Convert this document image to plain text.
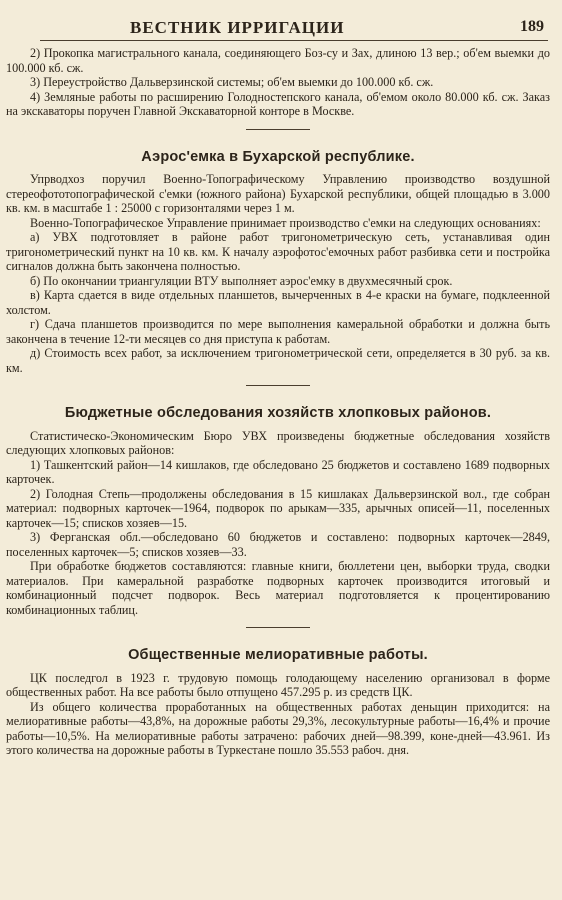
ВЕСТНИК ИРРИГАЦИИ	189

2) Прокопка магистрального канала, соединяющего Боз-су и Зах, длиною 13 вер.; об'ем выемки до 100.000 кб. сж.

3) Переустройство Дальверзинской системы; об'ем выемки до 100.000 кб. сж.

4) Земляные работы по расширению Голодностепского канала, об'емом около 80.000 кб. сж. Заказ на экскаваторы поручен Главной Экскаваторной конторе в Москве.

Аэрос'емка в Бухарской республике.

Упрводхоз поручил Военно-Топографическому Управлению производство воздушной стереофототопографической с'емки (южного района) Бухарской республики, общей площадью в 3.000 кв. км. в масштабе 1 : 25000 с горизонталями через 1 м.

Военно-Топографическое Управление принимает производство с'емки на следующих основаниях:

а) УВХ подготовляет в районе работ тригонометрическую сеть, устанавливая один тригонометрический пункт на 10 кв. км. К началу аэрофотос'емочных работ разбивка сети и постройка сигналов должна быть закончена полностью.

б) По окончании триангуляции ВТУ выполняет аэрос'емку в двухмесячный срок.

в) Карта сдается в виде отдельных планшетов, вычерченных в 4-е краски на бумаге, подклеенной холстом.

г) Сдача планшетов производится по мере выполнения камеральной обработки и должна быть закончена в течение 12-ти месяцев со дня приступа к работам.

д) Стоимость всех работ, за исключением тригонометрической сети, определяется в 30 руб. за кв. км.

Бюджетные обследования хозяйств хлопковых районов.

Статистическо-Экономическим Бюро УВХ произведены бюджетные обследования хозяйств следующих хлопковых районов:

1) Ташкентский район—14 кишлаков, где обследовано 25 бюджетов и составлено 1689 подворных карточек.

2) Голодная Степь—продолжены обследования в 15 кишлаках Дальверзинской вол., где собран материал: подворных карточек—1964, подворок по арыкам—335, арычных описей—11, поселенных карточек—15; списков хозяев—15.

3) Ферганская обл.—обследовано 60 бюджетов и составлено: подворных карточек—2849, поселенных карточек—5; списков хозяев—33.

При обработке бюджетов составляются: главные книги, бюллетени цен, выборки труда, сводки материалов. При камеральной разработке подворных карточек производится итоговый и комбинационный подсчет подворок. Весь материал подготовляется к процентированию комбинационных таблиц.

Общественные мелиоративные работы.

ЦК последгол в 1923 г. трудовую помощь голодающему населению организовал в форме общественных работ. На все работы было отпущено 457.295 р. из средств ЦК.

Из общего количества проработанных на общественных работах деньщин приходится: на мелиоративные работы—43,8%, на дорожные работы 29,3%, лесокультурные работы—16,4% и прочие работы—10,5%. На мелиоративные работы затрачено: рабочих дней—98.399, коне-дней—43.961. Из этого количества на дорожные работы в Туркестане пошло 35.553 рабоч. дня.
